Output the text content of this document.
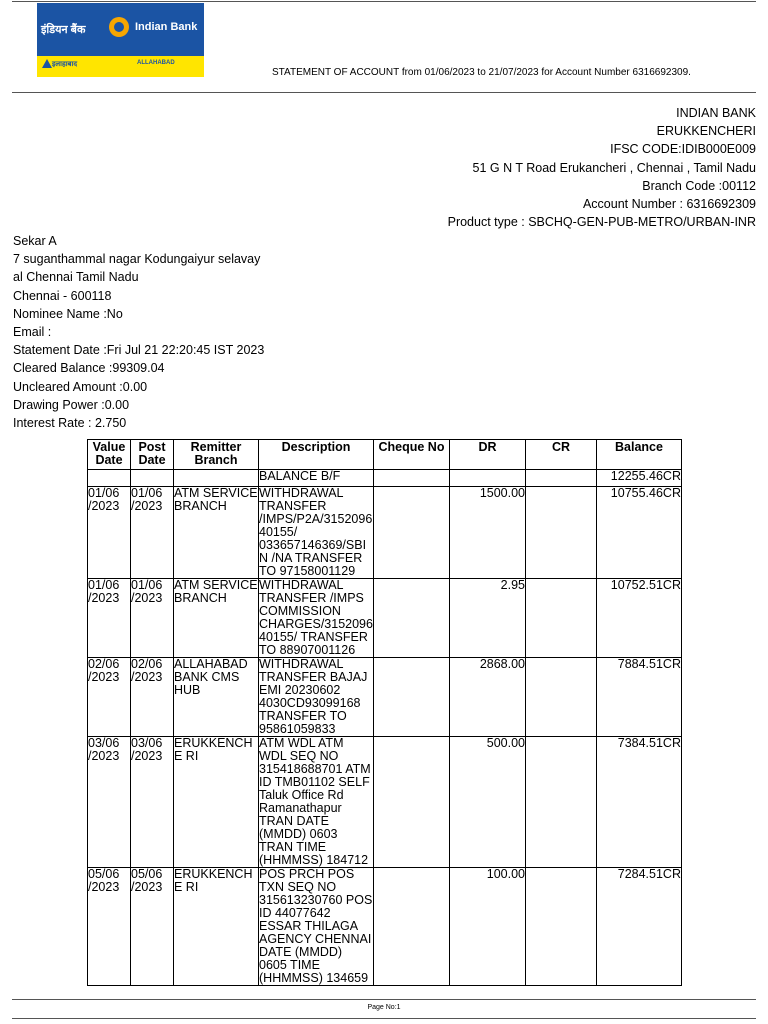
इंडियन बैंक	Indian Bank
इलाहाबाद	ALLAHABAD
STATEMENT OF ACCOUNT from 01/06/2023 to 21/07/2023 for Account Number 6316692309.
INDIAN BANK
ERUKKENCHERI
IFSC CODE:IDIB000E009
51 G N T Road Erukancheri , Chennai , Tamil Nadu
Branch Code :00112
Account Number : 6316692309
Product type : SBCHQ-GEN-PUB-METRO/URBAN-INR
Sekar A
7 suganthammal nagar Kodungaiyur selavay
al Chennai Tamil Nadu
Chennai - 600118
Nominee Name :No
Email :
Statement Date :Fri Jul 21 22:20:45 IST 2023
Cleared Balance :99309.04
Uncleared Amount :0.00
Drawing Power :0.00
Interest Rate : 2.750
Value Date	Post Date	Remitter Branch	Description	Cheque No	DR	CR	Balance
			BALANCE B/F				12255.46CR
01/06 /2023	01/06 /2023	ATM SERVICE BRANCH	WITHDRAWAL TRANSFER /IMPS/P2A/3152096 40155/ 033657146369/SBIN /NA TRANSFER TO 97158001129		1500.00		10755.46CR
01/06 /2023	01/06 /2023	ATM SERVICE BRANCH	WITHDRAWAL TRANSFER /IMPS COMMISSION CHARGES/3152096 40155/ TRANSFER TO 88907001126		2.95		10752.51CR
02/06 /2023	02/06 /2023	ALLAHABAD BANK CMS HUB	WITHDRAWAL TRANSFER BAJAJ EMI 20230602 4030CD93099168 TRANSFER TO 95861059833		2868.00		7884.51CR
03/06 /2023	03/06 /2023	ERUKKENCHE RI	ATM WDL ATM WDL SEQ NO 315418688701 ATM ID TMB01102 SELF Taluk Office Rd Ramanathapur TRAN DATE (MMDD) 0603 TRAN TIME (HHMMSS) 184712		500.00		7384.51CR
05/06 /2023	05/06 /2023	ERUKKENCHE RI	POS PRCH POS TXN SEQ NO 315613230760 POS ID 44077642 ESSAR THILAGA AGENCY CHENNAI DATE (MMDD) 0605 TIME (HHMMSS) 134659		100.00		7284.51CR
Page No:1
